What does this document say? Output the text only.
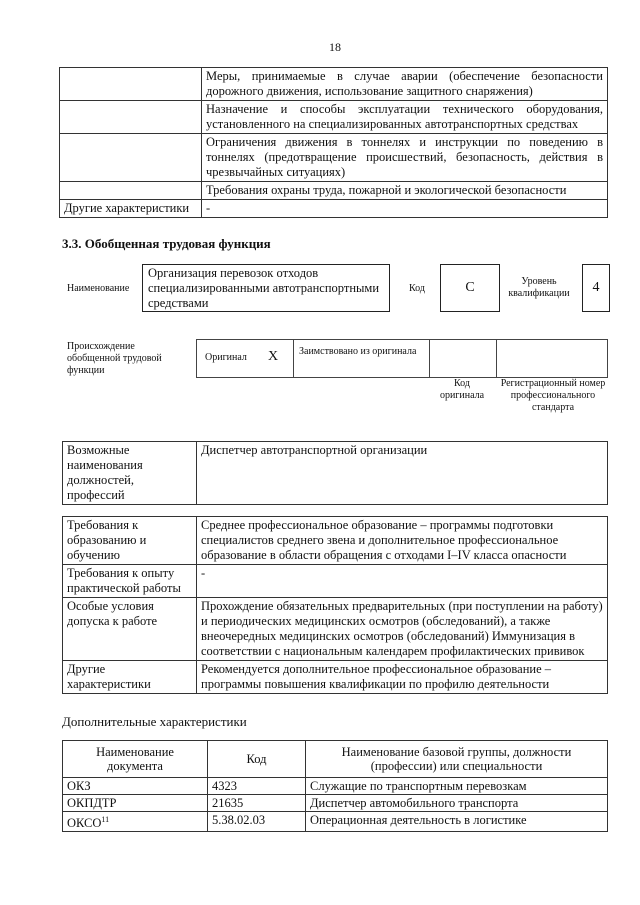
18
	Меры, принимаемые в случае аварии (обеспечение безопасности дорожного движения, использование защитного снаряжения)
	Назначение и способы эксплуатации технического оборудования, установленного на специализированных автотранспортных средствах
	Ограничения движения в тоннелях и инструкции по поведению в тоннелях (предотвращение происшествий, безопасность, действия в чрезвычайных ситуациях)
	Требования охраны труда, пожарной и экологической безопасности
Другие характеристики	-
3.3. Обобщенная трудовая функция
Наименование
Организация перевозок отходов специализированными автотранспортными средствами
Код	С	Уровень квалификации	4
Происхождение обобщенной трудовой функции
Оригинал X Заимствовано из оригинала
Код оригинала
Регистрационный номер профессионального стандарта
Возможные наименования должностей, профессий	Диспетчер автотранспортной организации
Требования к образованию и обучению	Среднее профессиональное образование – программы подготовки специалистов среднего звена и дополнительное профессиональное образование в области обращения с отходами I–IV класса опасности
Требования к опыту практической работы	-
Особые условия допуска к работе	Прохождение обязательных предварительных (при поступлении на работу) и периодических медицинских осмотров (обследований), а также внеочередных медицинских осмотров (обследований) Иммунизация в соответствии с национальным календарем профилактических прививок
Другие характеристики	Рекомендуется дополнительное профессиональное образование – программы повышения квалификации по профилю деятельности
Дополнительные характеристики
Наименование документа	Код	Наименование базовой группы, должности (профессии) или специальности
ОКЗ	4323	Служащие по транспортным перевозкам
ОКПДТР	21635	Диспетчер автомобильного транспорта
ОКСО$^{11}$	5.38.02.03	Операционная деятельность в логистике
